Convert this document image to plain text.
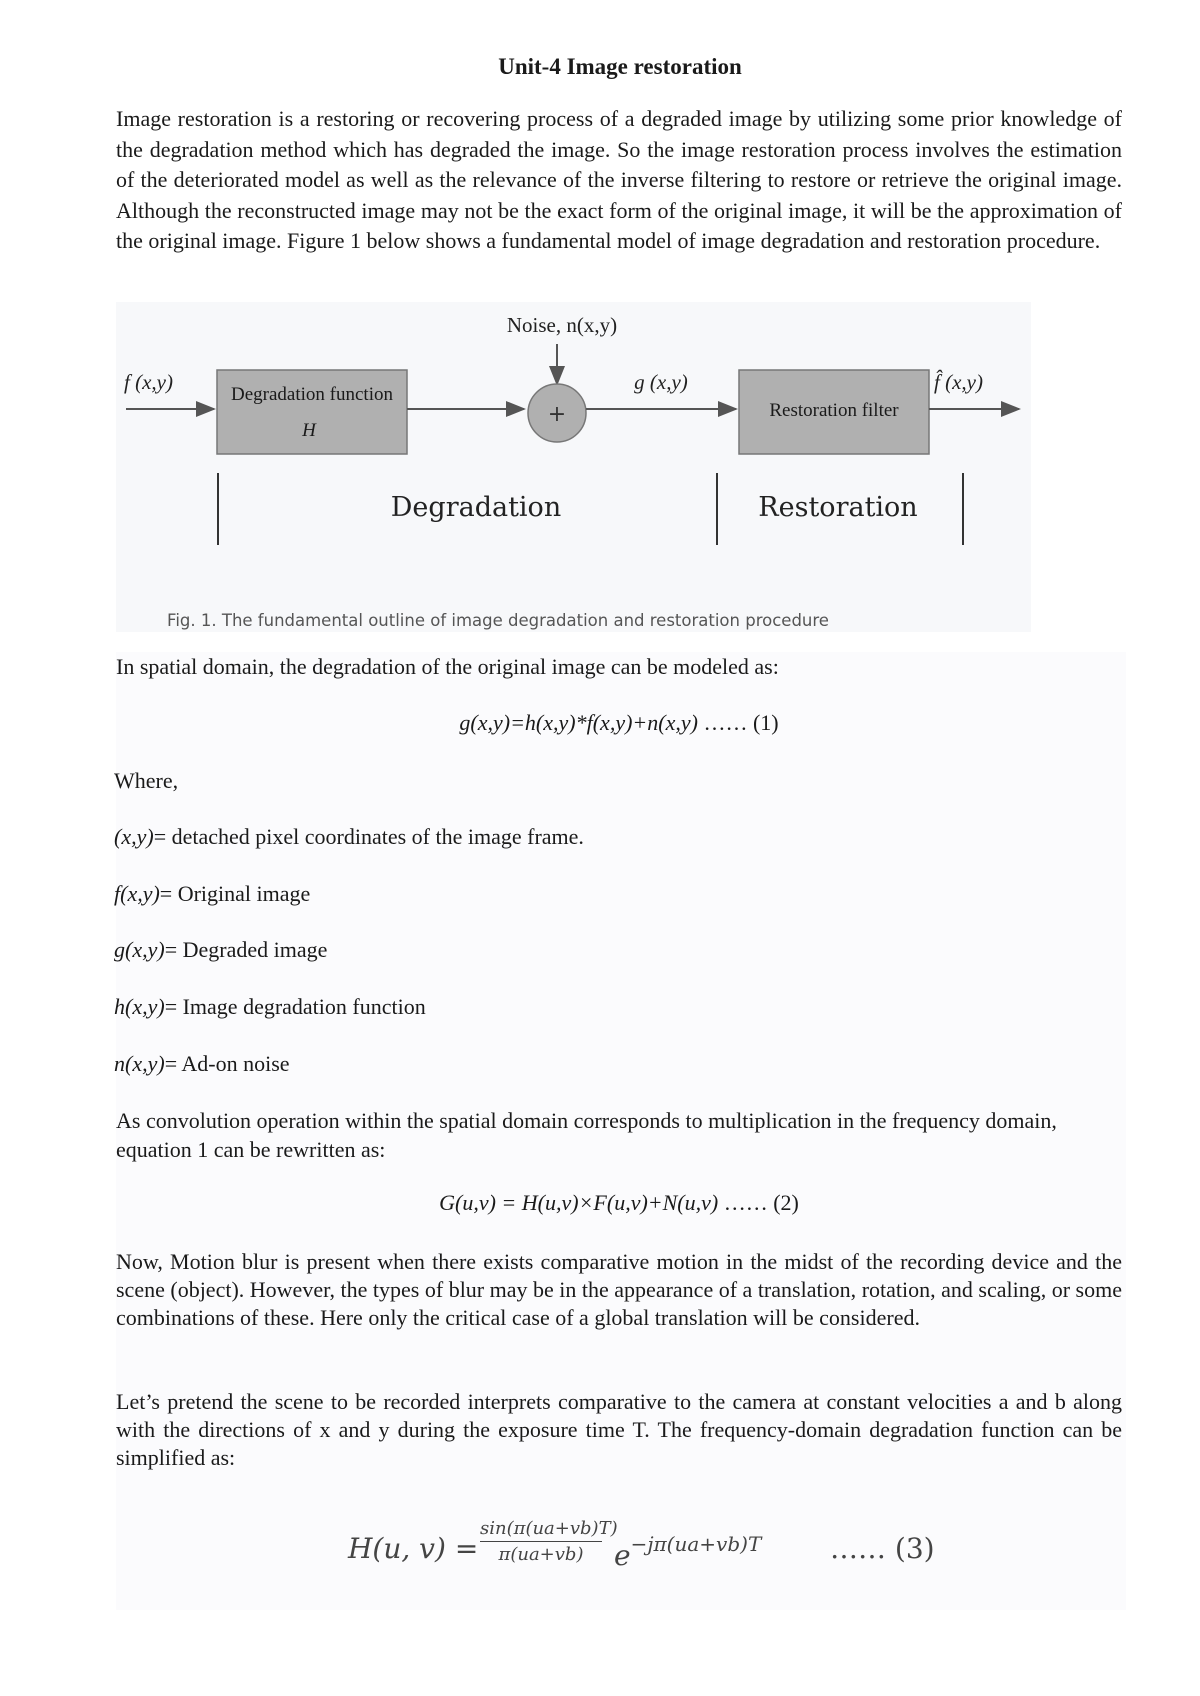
Unit-4 Image restoration

Image restoration is a restoring or recovering process of a degraded image by utilizing some prior knowledge of the degradation method which has degraded the image. So the image restoration process involves the estimation of the deteriorated model as well as the relevance of the inverse filtering to restore or retrieve the original image. Although the reconstructed image may not be the exact form of the original image, it will be the approximation of the original image. Figure 1 below shows a fundamental model of image degradation and restoration procedure.

Noise, n(x,y)
f (x,y)
Degradation function
H
+
g (x,y)
Restoration filter
f̂ (x,y)
Degradation	Restoration
Fig. 1. The fundamental outline of image degradation and restoration procedure
In spatial domain, the degradation of the original image can be modeled as:
g(x,y)=h(x,y)*f(x,y)+n(x,y) …… (1)
Where,
(x,y)= detached pixel coordinates of the image frame.
f(x,y)= Original image
g(x,y)= Degraded image
h(x,y)= Image degradation function
n(x,y)= Ad-on noise
As convolution operation within the spatial domain corresponds to multiplication in the frequency domain, equation 1 can be rewritten as:
G(u,v) = H(u,v)×F(u,v)+N(u,v) …… (2)
Now, Motion blur is present when there exists comparative motion in the midst of the recording device and the scene (object). However, the types of blur may be in the appearance of a translation, rotation, and scaling, or some combinations of these. Here only the critical case of a global translation will be considered.
Let’s pretend the scene to be recorded interprets comparative to the camera at constant velocities a and b along with the directions of x and y during the exposure time T. The frequency-domain degradation function can be simplified as:
H(u, $v) = \frac{\sin(\pi(ua+vb)T)}{\pi(ua+vb)} e^{-j\pi(ua+vb)T}$ …… (3)
